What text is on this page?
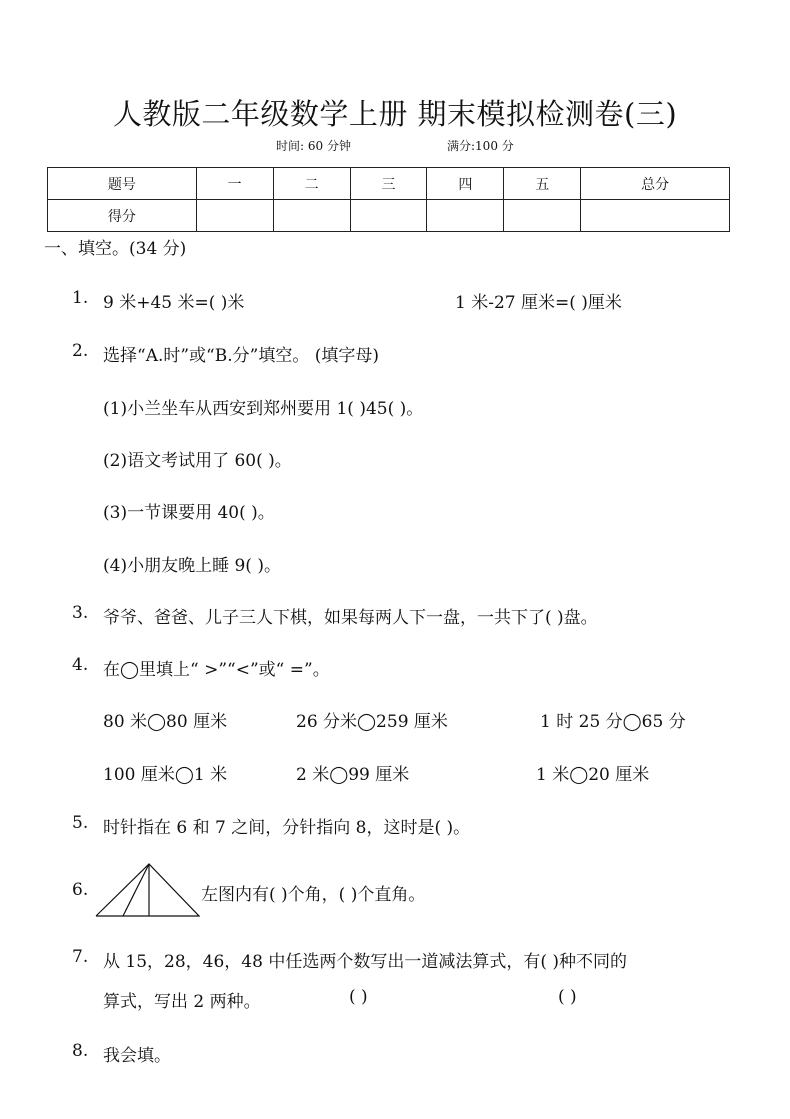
人教版二年级数学上册 期末模拟检测卷(三)
时间: 60 分钟	满分:100 分
题号	一	二	三	四	五	总分
得分						
一、填空。(34 分)
1. 9 米+45 米=( )米	1 米-27 厘米=( )厘米
2. 选择“A.时”或“B.分”填空。 (填字母)
(1)小兰坐车从西安到郑州要用 1( )45( )。
(2)语文考试用了 60( )。
(3)一节课要用 40( )。
(4)小朋友晚上睡 9( )。
3. 爷爷、爸爸、儿子三人下棋，如果每两人下一盘，一共下了( )盘。
4. 在◯里填上“ >”“<”或“ =”。
80 米◯80 厘米	26 分米◯259 厘米	1 时 25 分◯65 分
100 厘米◯1 米	2 米◯99 厘米	1 米◯20 厘米
5. 时针指在 6 和 7 之间，分针指向 8，这时是( )。
6.	左图内有( )个角，( )个直角。
7. 从 15，28，46，48 中任选两个数写出一道减法算式，有( )种不同的
算式，写出 2 两种。	( )	( )
8. 我会填。
